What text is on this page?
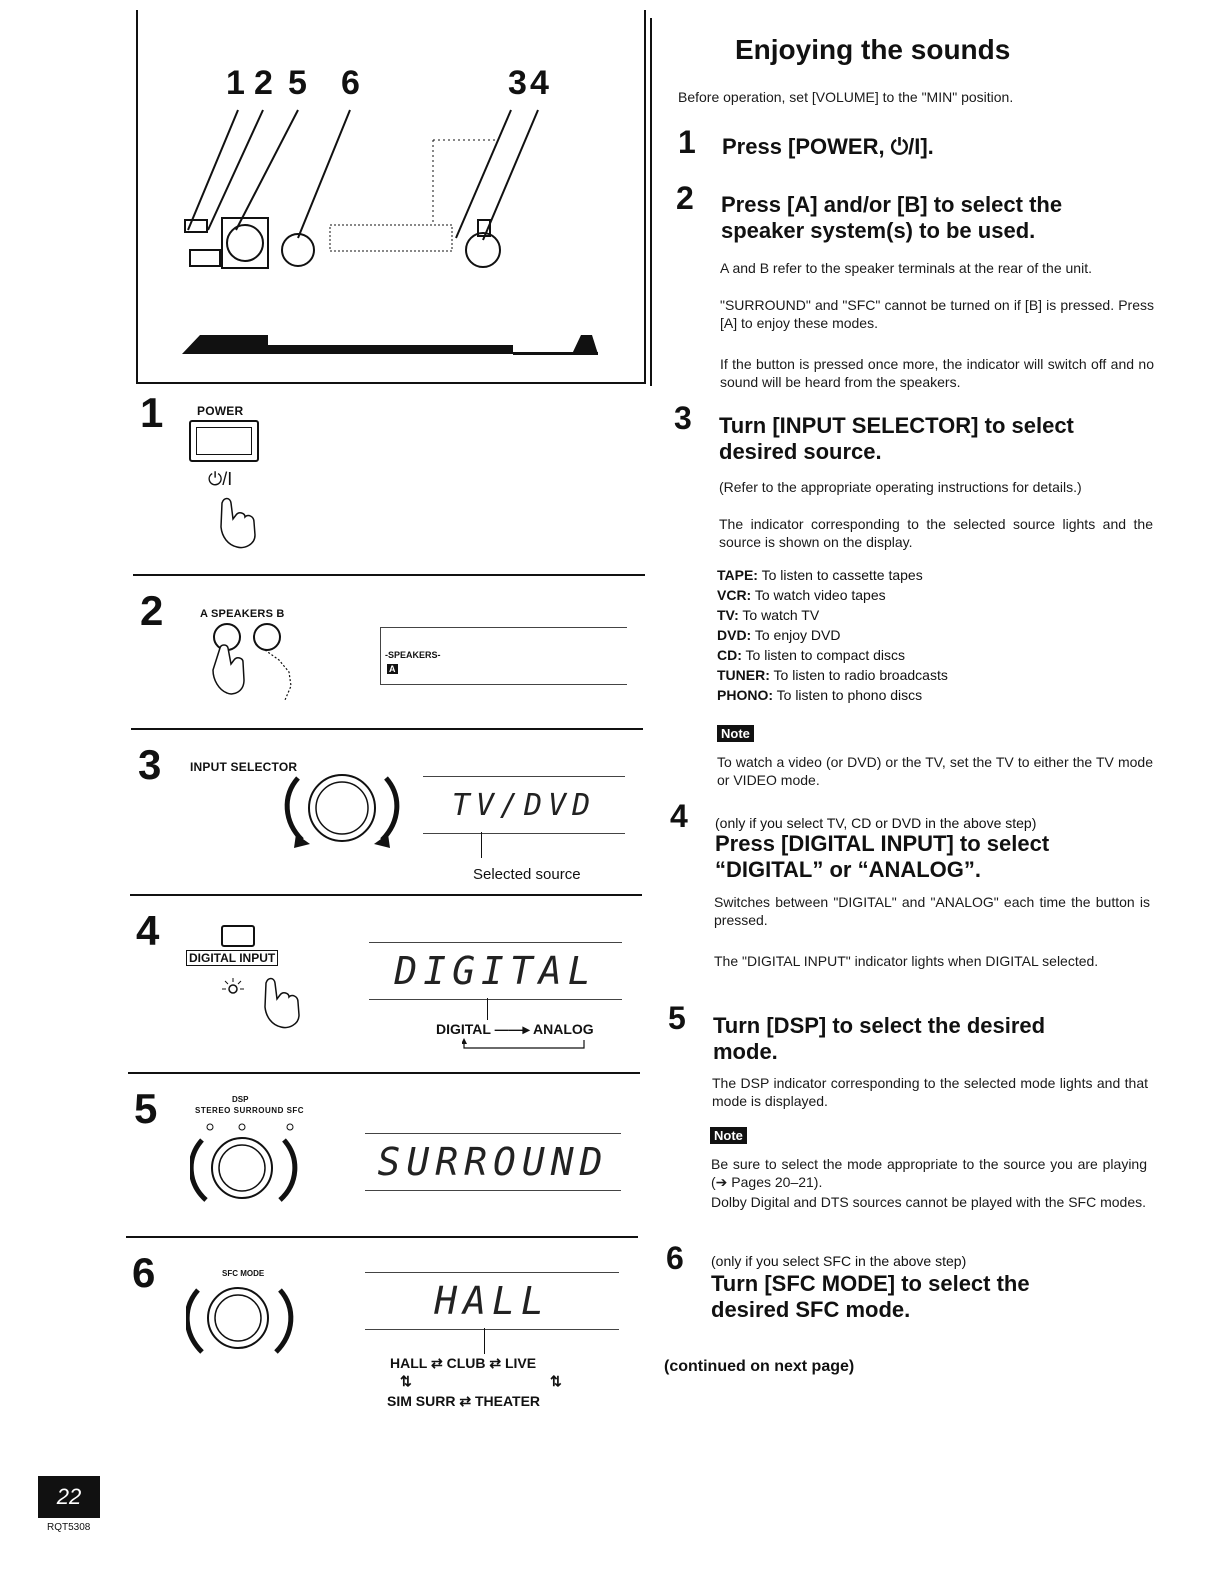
1 2 5 6	3 4
1	POWER
⏻/I
2	A SPEAKERS B
-SPEAKERS-
A
3 INPUT SELECTOR
TV/DVD
Selected source
4
DIGITAL INPUT	DIGITAL
DIGITAL ——▸ ANALOG
5	DSP
STEREO SURROUND SFC
SURROUND
6	SFC MODE
HALL
HALL ⇄ CLUB ⇄ LIVE
⇅	⇅
SIM SURR ⇄ THEATER
Enjoying the sounds
Before operation, set [VOLUME] to the "MIN" position.
1 Press [POWER, ⏻/I].
2 Press [A] and/or [B] to select the speaker system(s) to be used.
A and B refer to the speaker terminals at the rear of the unit.
"SURROUND" and "SFC" cannot be turned on if [B] is pressed. Press [A] to enjoy these modes.
If the button is pressed once more, the indicator will switch off and no sound will be heard from the speakers.
3 Turn [INPUT SELECTOR] to select desired source.
(Refer to the appropriate operating instructions for details.)
The indicator corresponding to the selected source lights and the source is shown on the display.
TAPE: To listen to cassette tapes
VCR: To watch video tapes
TV: To watch TV
DVD: To enjoy DVD
CD: To listen to compact discs
TUNER: To listen to radio broadcasts
PHONO: To listen to phono discs
Note
To watch a video (or DVD) or the TV, set the TV to either the TV mode or VIDEO mode.
4 (only if you select TV, CD or DVD in the above step)
Press [DIGITAL INPUT] to select “DIGITAL” or “ANALOG”.
Switches between "DIGITAL" and "ANALOG" each time the button is pressed.
The "DIGITAL INPUT" indicator lights when DIGITAL selected.
5 Turn [DSP] to select the desired mode.
The DSP indicator corresponding to the selected mode lights and that mode is displayed.
Note
Be sure to select the mode appropriate to the source you are playing (➔ Pages 20–21).
Dolby Digital and DTS sources cannot be played with the SFC modes.
6 (only if you select SFC in the above step)
Turn [SFC MODE] to select the desired SFC mode.
(continued on next page)
22
RQT5308
